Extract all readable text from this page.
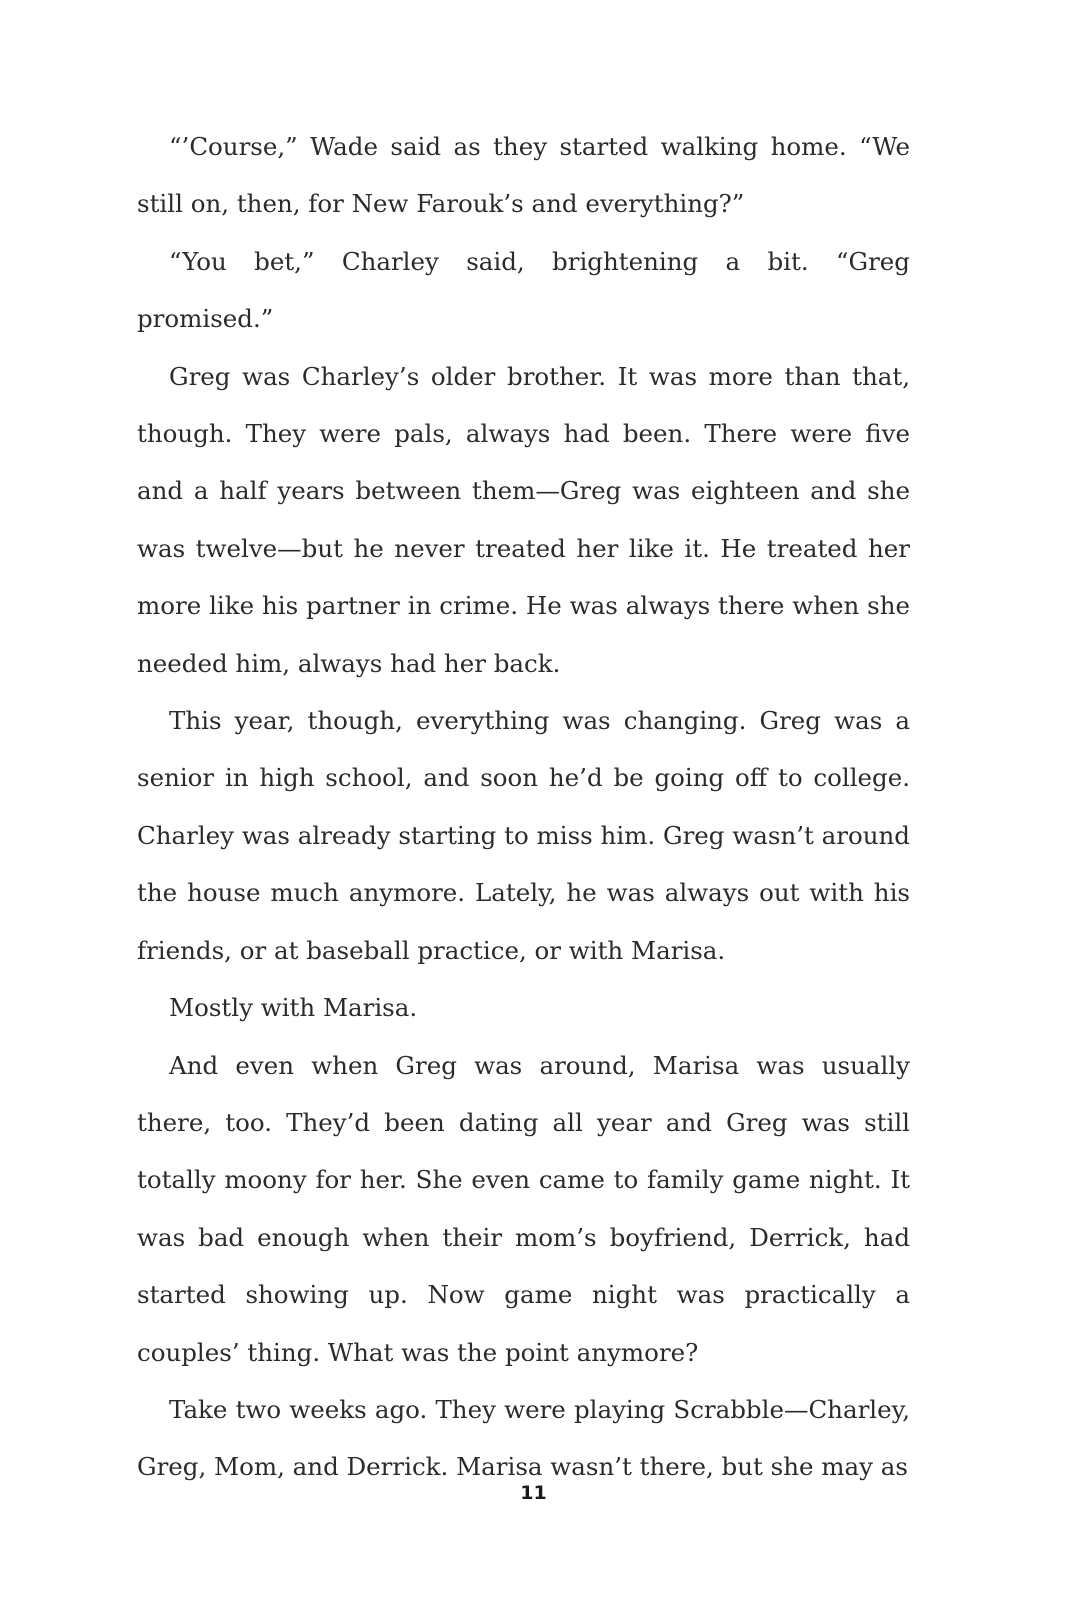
“’Course,” Wade said as they started walking home. “We still on, then, for New Farouk’s and everything?”

“You bet,” Charley said, brightening a bit. “Greg promised.”

Greg was Charley’s older brother. It was more than that, though. They were pals, always had been. There were five and a half years between them—Greg was eighteen and she was twelve—but he never treated her like it. He treated her more like his partner in crime. He was always there when she needed him, always had her back.

This year, though, everything was changing. Greg was a senior in high school, and soon he’d be going off to college. Charley was already starting to miss him. Greg wasn’t around the house much anymore. Lately, he was always out with his friends, or at baseball practice, or with Marisa.

Mostly with Marisa.

And even when Greg was around, Marisa was usually there, too. They’d been dating all year and Greg was still totally moony for her. She even came to family game night. It was bad enough when their mom’s boyfriend, Derrick, had started showing up. Now game night was practically a couples’ thing. What was the point anymore?

Take two weeks ago. They were playing Scrabble—Charley, Greg, Mom, and Derrick. Marisa wasn’t there, but she may as

11
